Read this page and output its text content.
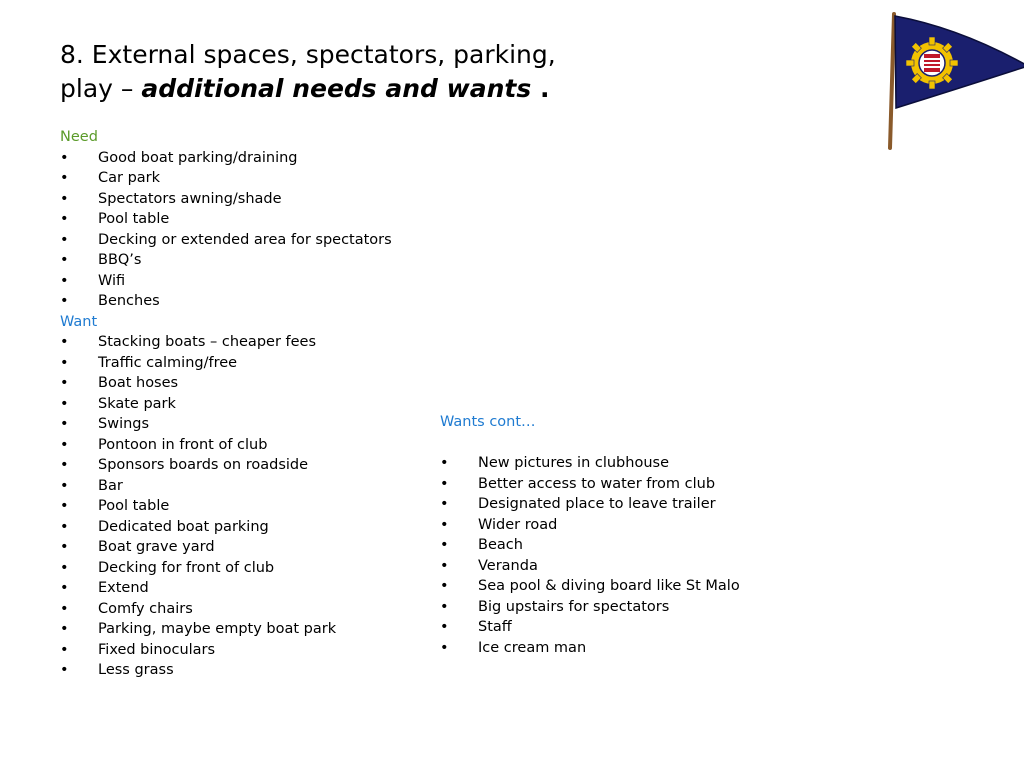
8. External spaces, spectators, parking,
play – additional needs and wants .
Need
•	Good boat parking/draining
•	Car park
•	Spectators awning/shade
•	Pool table
•	Decking or extended area for spectators
•	BBQ’s
•	Wifi
•	Benches
Want
•	Stacking boats – cheaper fees
•	Traffic calming/free
•	Boat hoses
•	Skate park
•	Swings
•	Pontoon in front of club
•	Sponsors boards on roadside
•	Bar
•	Pool table
•	Dedicated boat parking
•	Boat grave yard
•	Decking for front of club
•	Extend
•	Comfy chairs
•	Parking, maybe empty boat park
•	Fixed binoculars
•	Less grass
Wants cont…
•	New pictures in clubhouse
•	Better access to water from club
•	Designated place to leave trailer
•	Wider road
•	Beach
•	Veranda
•	Sea pool & diving board like St Malo
•	Big upstairs for spectators
•	Staff
•	Ice cream man
